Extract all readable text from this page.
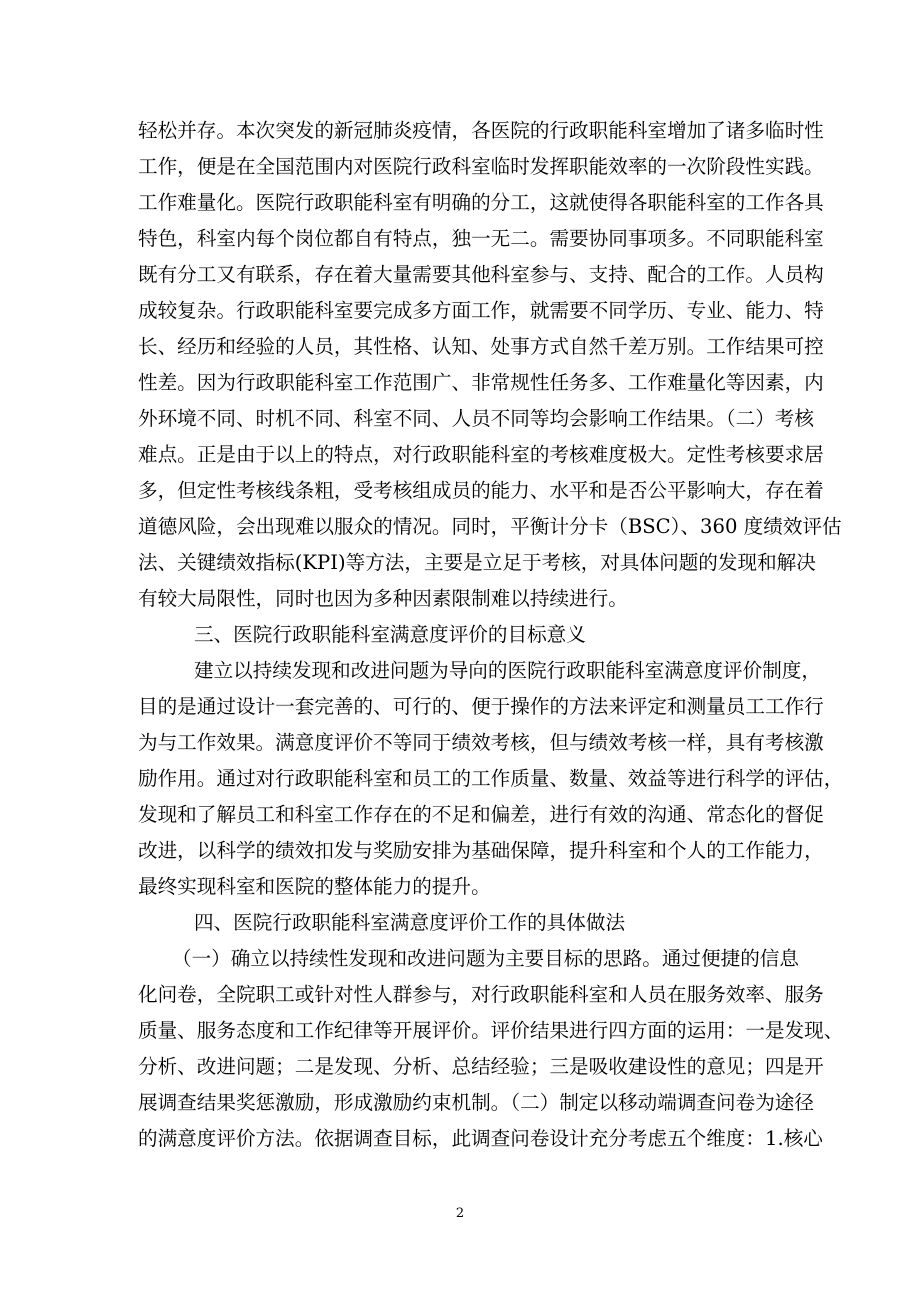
轻松并存。本次突发的新冠肺炎疫情，各医院的行政职能科室增加了诸多临时性
工作，便是在全国范围内对医院行政科室临时发挥职能效率的一次阶段性实践。
工作难量化。医院行政职能科室有明确的分工，这就使得各职能科室的工作各具
特色，科室内每个岗位都自有特点，独一无二。需要协同事项多。不同职能科室
既有分工又有联系，存在着大量需要其他科室参与、支持、配合的工作。人员构
成较复杂。行政职能科室要完成多方面工作，就需要不同学历、专业、能力、特
长、经历和经验的人员，其性格、认知、处事方式自然千差万别。工作结果可控
性差。因为行政职能科室工作范围广、非常规性任务多、工作难量化等因素，内
外环境不同、时机不同、科室不同、人员不同等均会影响工作结果。（二）考核
难点。正是由于以上的特点，对行政职能科室的考核难度极大。定性考核要求居
多，但定性考核线条粗，受考核组成员的能力、水平和是否公平影响大，存在着
道德风险，会出现难以服众的情况。同时，平衡计分卡（BSC）、360 度绩效评估
法、关键绩效指标(KPI)等方法，主要是立足于考核，对具体问题的发现和解决
有较大局限性，同时也因为多种因素限制难以持续进行。
三、医院行政职能科室满意度评价的目标意义
建立以持续发现和改进问题为导向的医院行政职能科室满意度评价制度，
目的是通过设计一套完善的、可行的、便于操作的方法来评定和测量员工工作行
为与工作效果。满意度评价不等同于绩效考核，但与绩效考核一样，具有考核激
励作用。通过对行政职能科室和员工的工作质量、数量、效益等进行科学的评估，
发现和了解员工和科室工作存在的不足和偏差，进行有效的沟通、常态化的督促
改进，以科学的绩效扣发与奖励安排为基础保障，提升科室和个人的工作能力，
最终实现科室和医院的整体能力的提升。
四、医院行政职能科室满意度评价工作的具体做法
（一）确立以持续性发现和改进问题为主要目标的思路。通过便捷的信息
化问卷，全院职工或针对性人群参与，对行政职能科室和人员在服务效率、服务
质量、服务态度和工作纪律等开展评价。评价结果进行四方面的运用：一是发现、
分析、改进问题；二是发现、分析、总结经验；三是吸收建设性的意见；四是开
展调查结果奖惩激励，形成激励约束机制。（二）制定以移动端调查问卷为途径
的满意度评价方法。依据调查目标，此调查问卷设计充分考虑五个维度：1.核心
2
